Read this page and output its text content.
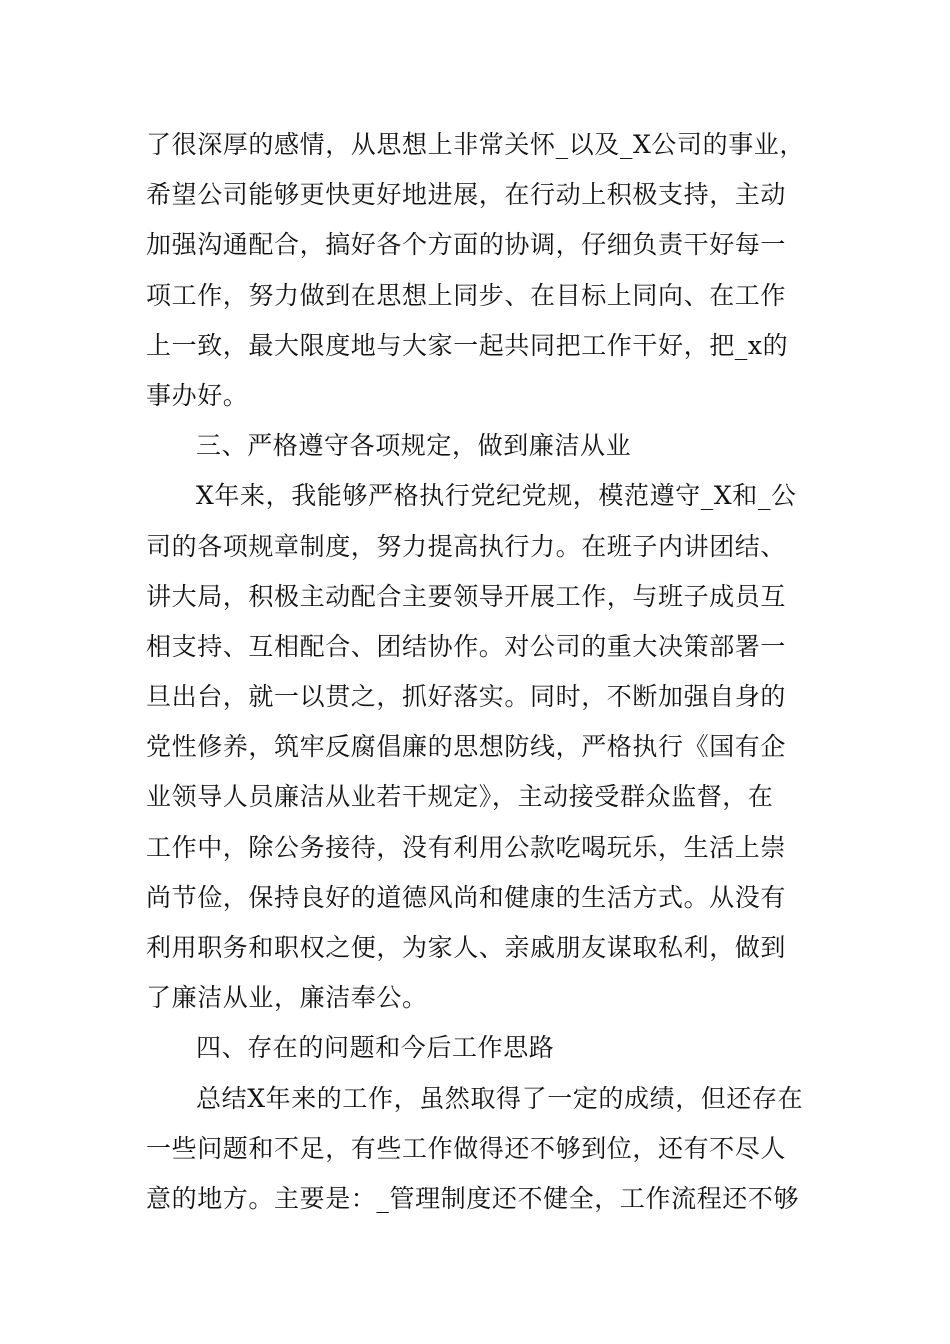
了很深厚的感情，从思想上非常关怀_以及_X公司的事业，
希望公司能够更快更好地进展，在行动上积极支持，主动
加强沟通配合，搞好各个方面的协调，仔细负责干好每一
项工作，努力做到在思想上同步、在目标上同向、在工作
上一致，最大限度地与大家一起共同把工作干好，把_x的
事办好。
三、严格遵守各项规定，做到廉洁从业
X年来，我能够严格执行党纪党规，模范遵守_X和_公
司的各项规章制度，努力提高执行力。在班子内讲团结、
讲大局，积极主动配合主要领导开展工作，与班子成员互
相支持、互相配合、团结协作。对公司的重大决策部署一
旦出台，就一以贯之，抓好落实。同时，不断加强自身的
党性修养，筑牢反腐倡廉的思想防线，严格执行《国有企
业领导人员廉洁从业若干规定》，主动接受群众监督，在
工作中，除公务接待，没有利用公款吃喝玩乐，生活上崇
尚节俭，保持良好的道德风尚和健康的生活方式。从没有
利用职务和职权之便，为家人、亲戚朋友谋取私利，做到
了廉洁从业，廉洁奉公。
四、存在的问题和今后工作思路
总结X年来的工作，虽然取得了一定的成绩，但还存在
一些问题和不足，有些工作做得还不够到位，还有不尽人
意的地方。主要是：_管理制度还不健全，工作流程还不够
